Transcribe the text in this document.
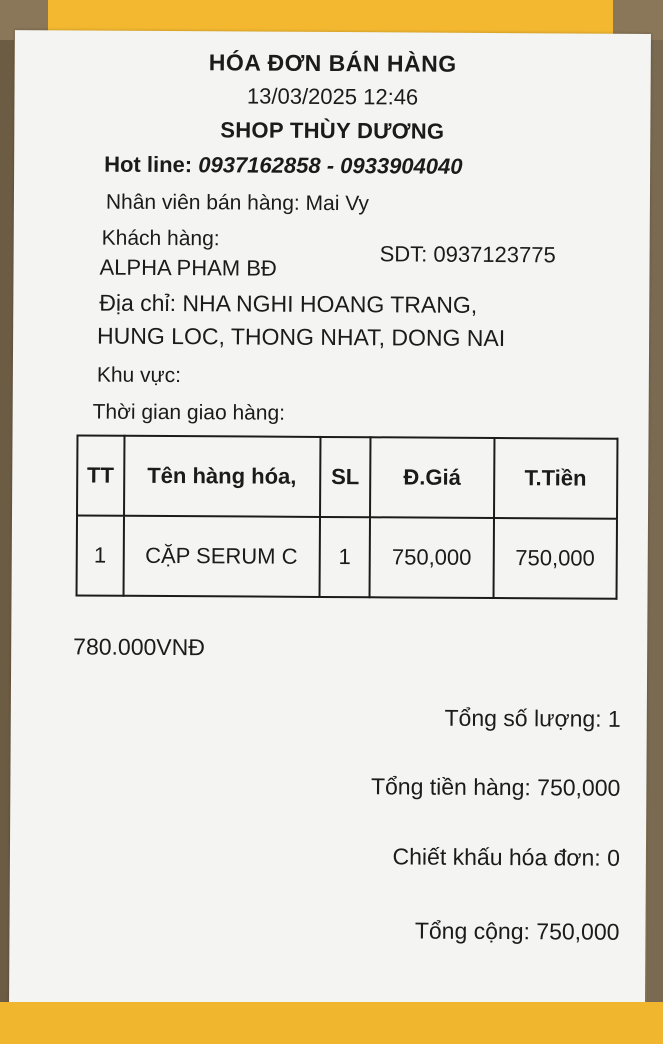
HÓA ĐƠN BÁN HÀNG
13/03/2025 12:46
SHOP THÙY DƯƠNG
Hot line: 0937162858 - 0933904040
Nhân viên bán hàng: Mai Vy
Khách hàng:
ALPHA PHAM BĐ
SDT: 0937123775
Địa chỉ: NHA NGHI HOANG TRANG,
HUNG LOC, THONG NHAT, DONG NAI
Khu vực:
Thời gian giao hàng:
TT	Tên hàng hóa,	SL	Đ.Giá	T.Tiền
1	CẶP SERUM C	1	750,000	750,000
780.000VNĐ
Tổng số lượng: 1
Tổng tiền hàng: 750,000
Chiết khấu hóa đơn: 0
Tổng cộng: 750,000
